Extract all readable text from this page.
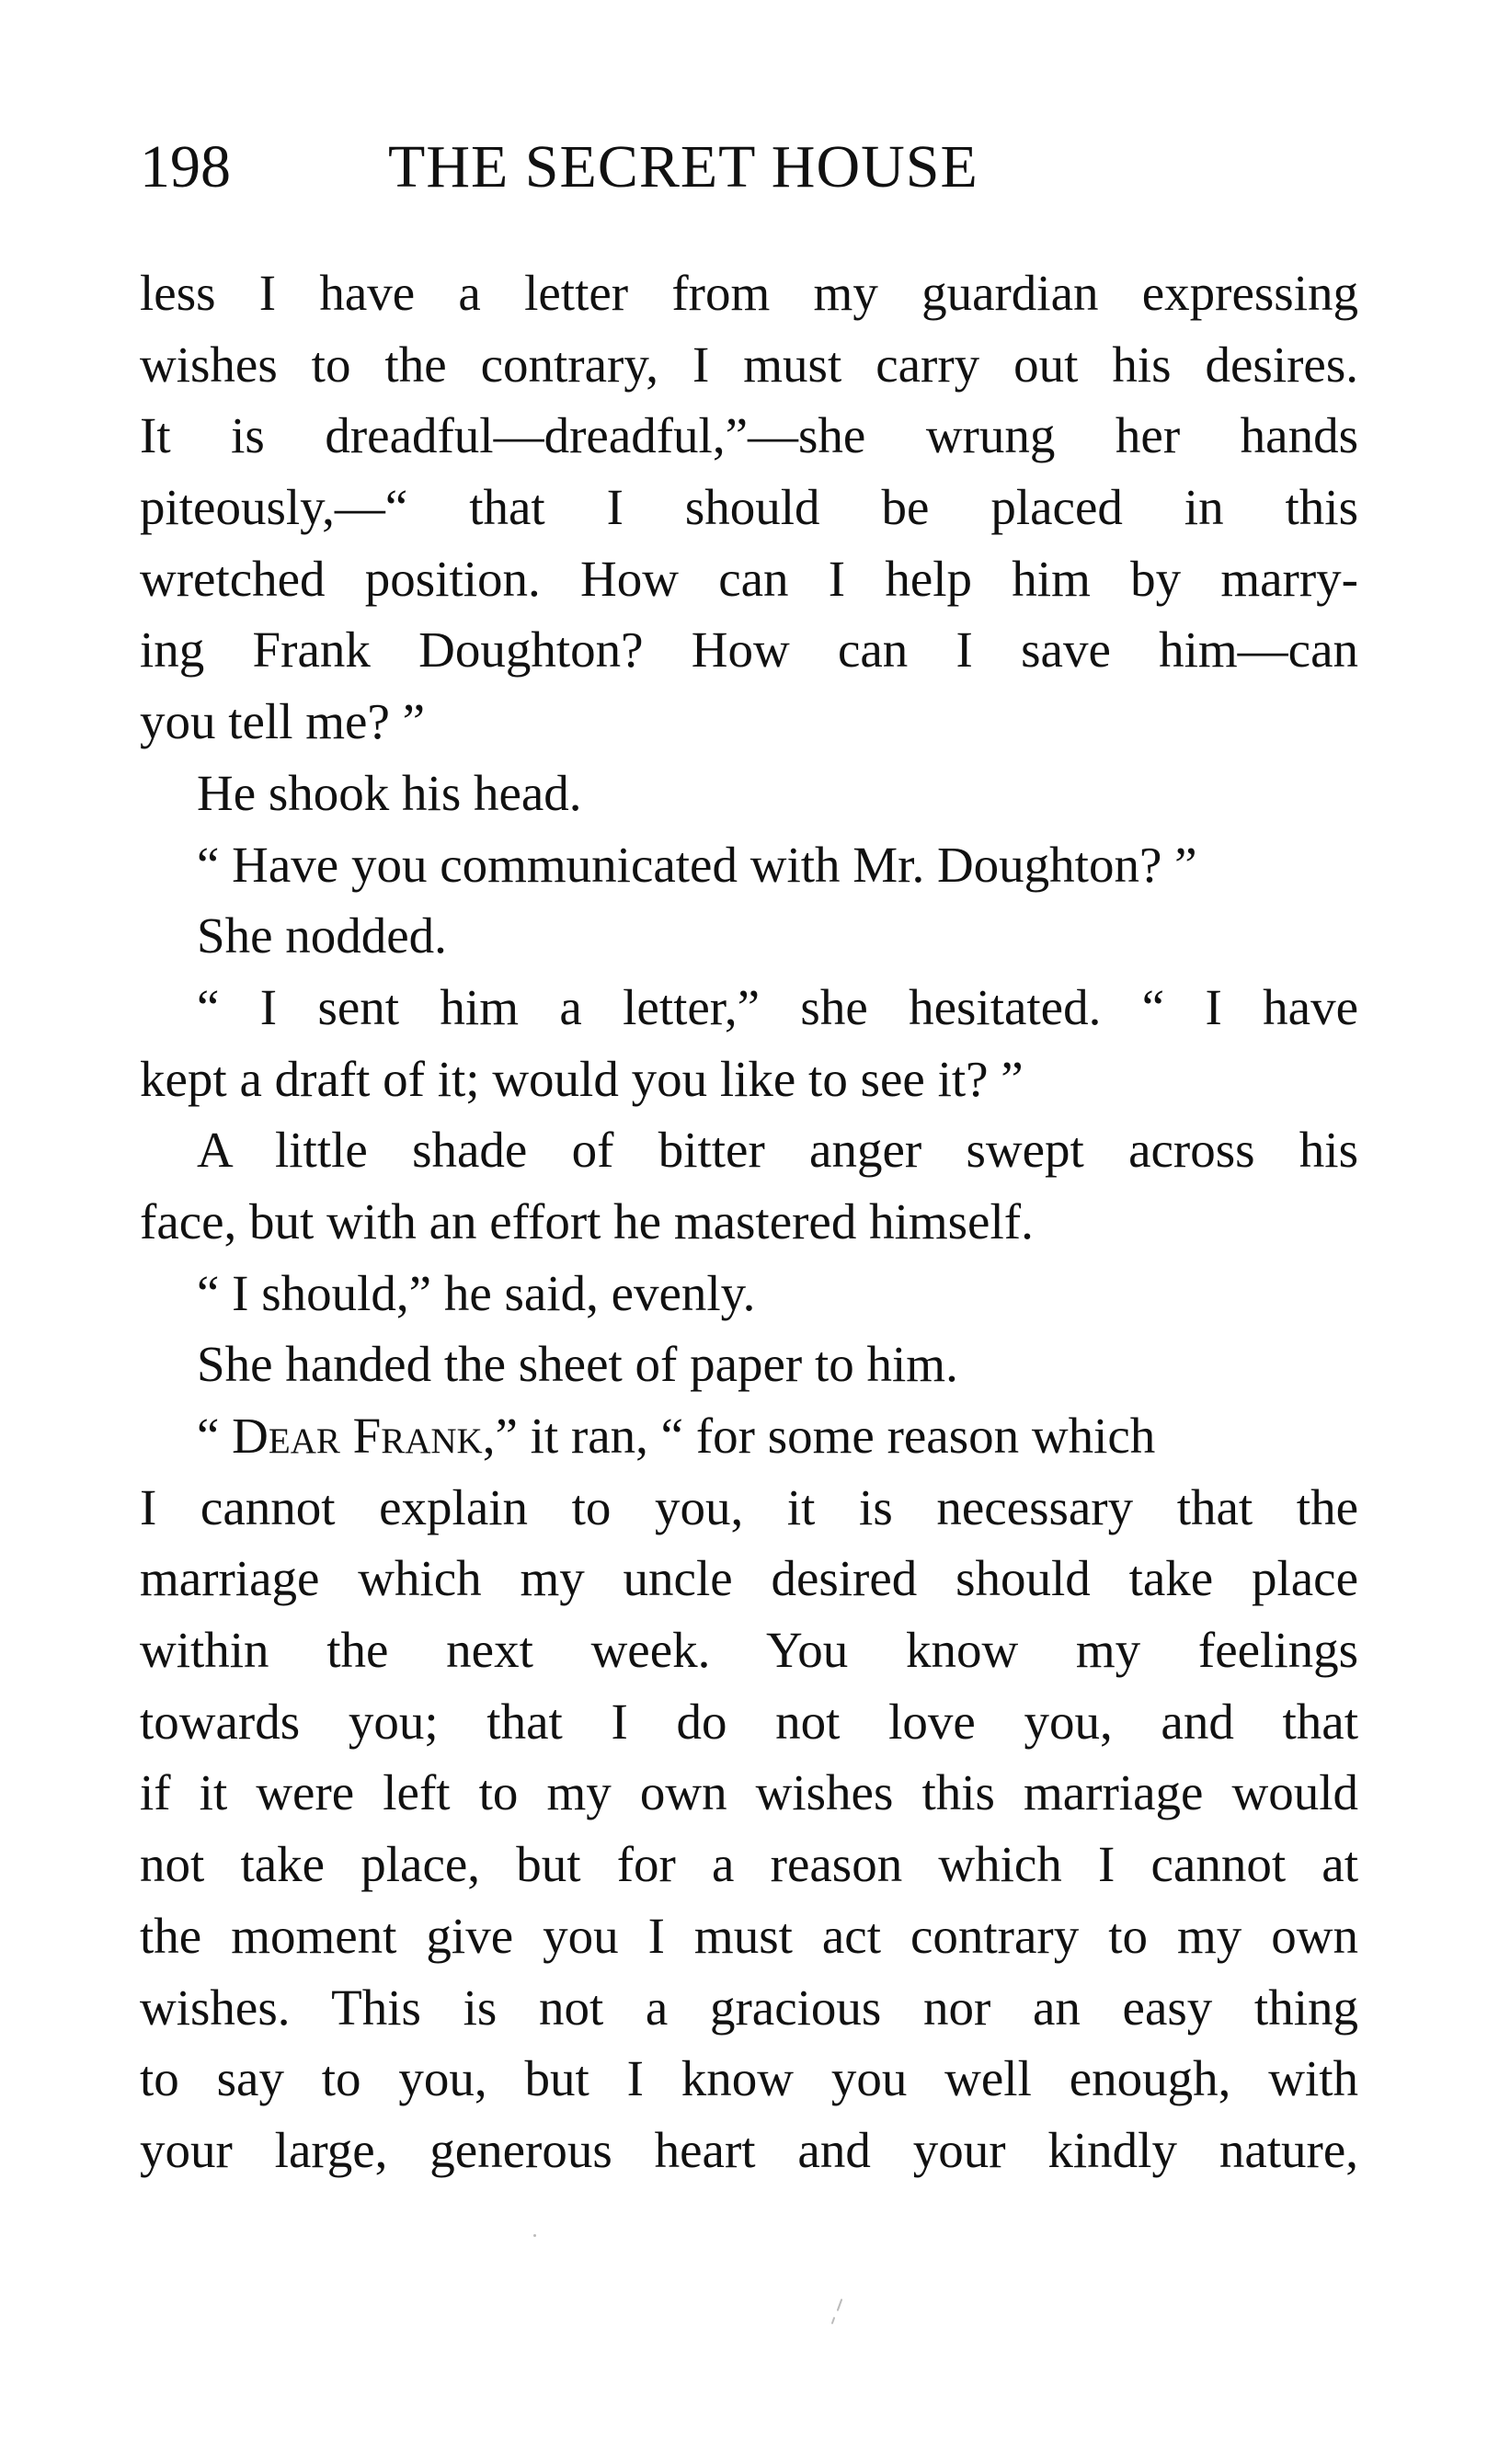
198	THE SECRET HOUSE
less I have a letter from my guardian expressing
wishes to the contrary, I must carry out his desires.
It is dreadful—dreadful,”—she wrung her hands
piteously,—“ that I should be placed in this
wretched position. How can I help him by marry-
ing Frank Doughton? How can I save him—can
you tell me? ”
He shook his head.
“ Have you communicated with Mr. Doughton? ”
She nodded.
“ I sent him a letter,” she hesitated. “ I have
kept a draft of it; would you like to see it? ”
A little shade of bitter anger swept across his
face, but with an effort he mastered himself.
“ I should,” he said, evenly.
She handed the sheet of paper to him.
“ Dear Frank,” it ran, “ for some reason which
I cannot explain to you, it is necessary that the
marriage which my uncle desired should take place
within the next week. You know my feelings
towards you; that I do not love you, and that
if it were left to my own wishes this marriage would
not take place, but for a reason which I cannot at
the moment give you I must act contrary to my own
wishes. This is not a gracious nor an easy thing
to say to you, but I know you well enough, with
your large, generous heart and your kindly nature,
